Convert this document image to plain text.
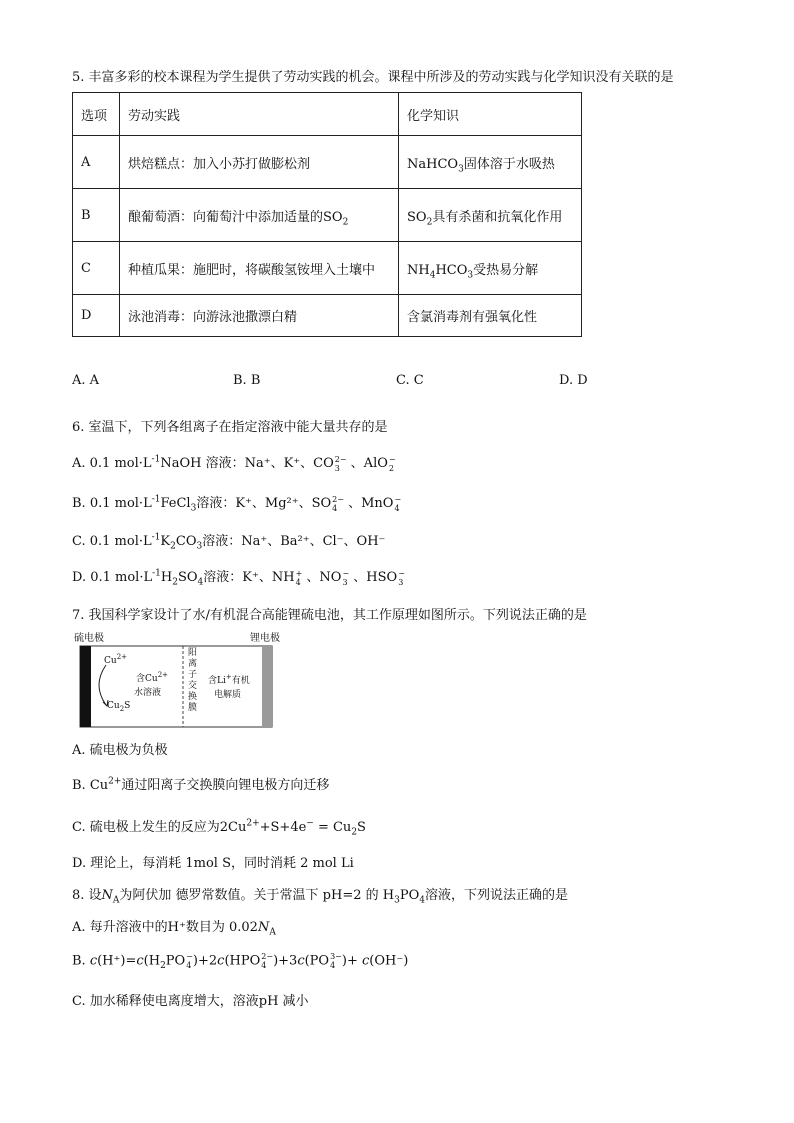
5. 丰富多彩的校本课程为学生提供了劳动实践的机会。课程中所涉及的劳动实践与化学知识没有关联的是
选项	劳动实践	化学知识
A	烘焙糕点：加入小苏打做膨松剂	NaHCO$_3$固体溶于水吸热
B	酿葡萄酒：向葡萄汁中添加适量的$SO_2$	$SO_2$具有杀菌和抗氧化作用
C	种植瓜果：施肥时，将碳酸氢铵埋入土壤中	$NH_4HCO_3$受热易分解
D	泳池消毒：向游泳池撒漂白精	含氯消毒剂有强氧化性
A. A	B. B	C. C	D. D
6. 室温下，下列各组离子在指定溶液中能大量共存的是
A. 0.1 $mol\cdot L^{-1}NaOH$ 溶液：Na⁺、K⁺、CO 2−
3 、AlO −
2
B. 0.1 $mol\cdot L^{-1}FeCl_3$溶液：K⁺、Mg²⁺、SO 2−
4 、MnO −
4
C. 0.1 $mol\cdot L^{-1}K_2CO_3$溶液：Na⁺、Ba²⁺、Cl⁻、OH⁻
D. 0.1 $mol\cdot L^{-1}H_2SO_4$溶液：K⁺、NH +
4 、NO −
3 、HSO −
3
7. 我国科学家设计了水/有机混合高能锂硫电池，其工作原理如图所示。下列说法正确的是
硫电极	锂电极
$Cu^{2+}$
$Cu_2S$
含$Cu^{2+}$
水溶液
阳
离
子
交
换
膜
含Li+有机
电解质
A. 硫电极为负极
B. $Cu^{2+}$通过阳离子交换膜向锂电极方向迁移
C. 硫电极上发生的反应为$2Cu^{2+}+S+4e^- = Cu_2S$
D. 理论上，每消耗 1mol S，同时消耗 2 mol Li
8. 设$N_A$为阿伏加 德罗常数值。关于常温下 pH=2 的 $H_3PO_4$溶液，下列说法正确的是
A. 每升溶液中的H⁺数目为 $0.02N_A$
B. $c(H^+)=c(H_2PO$ −
4 )+2c(HPO 2−
4 )+3c(PO 3−
4 )+ c(OH⁻)
C. 加水稀释使电离度增大，溶液pH 减小
